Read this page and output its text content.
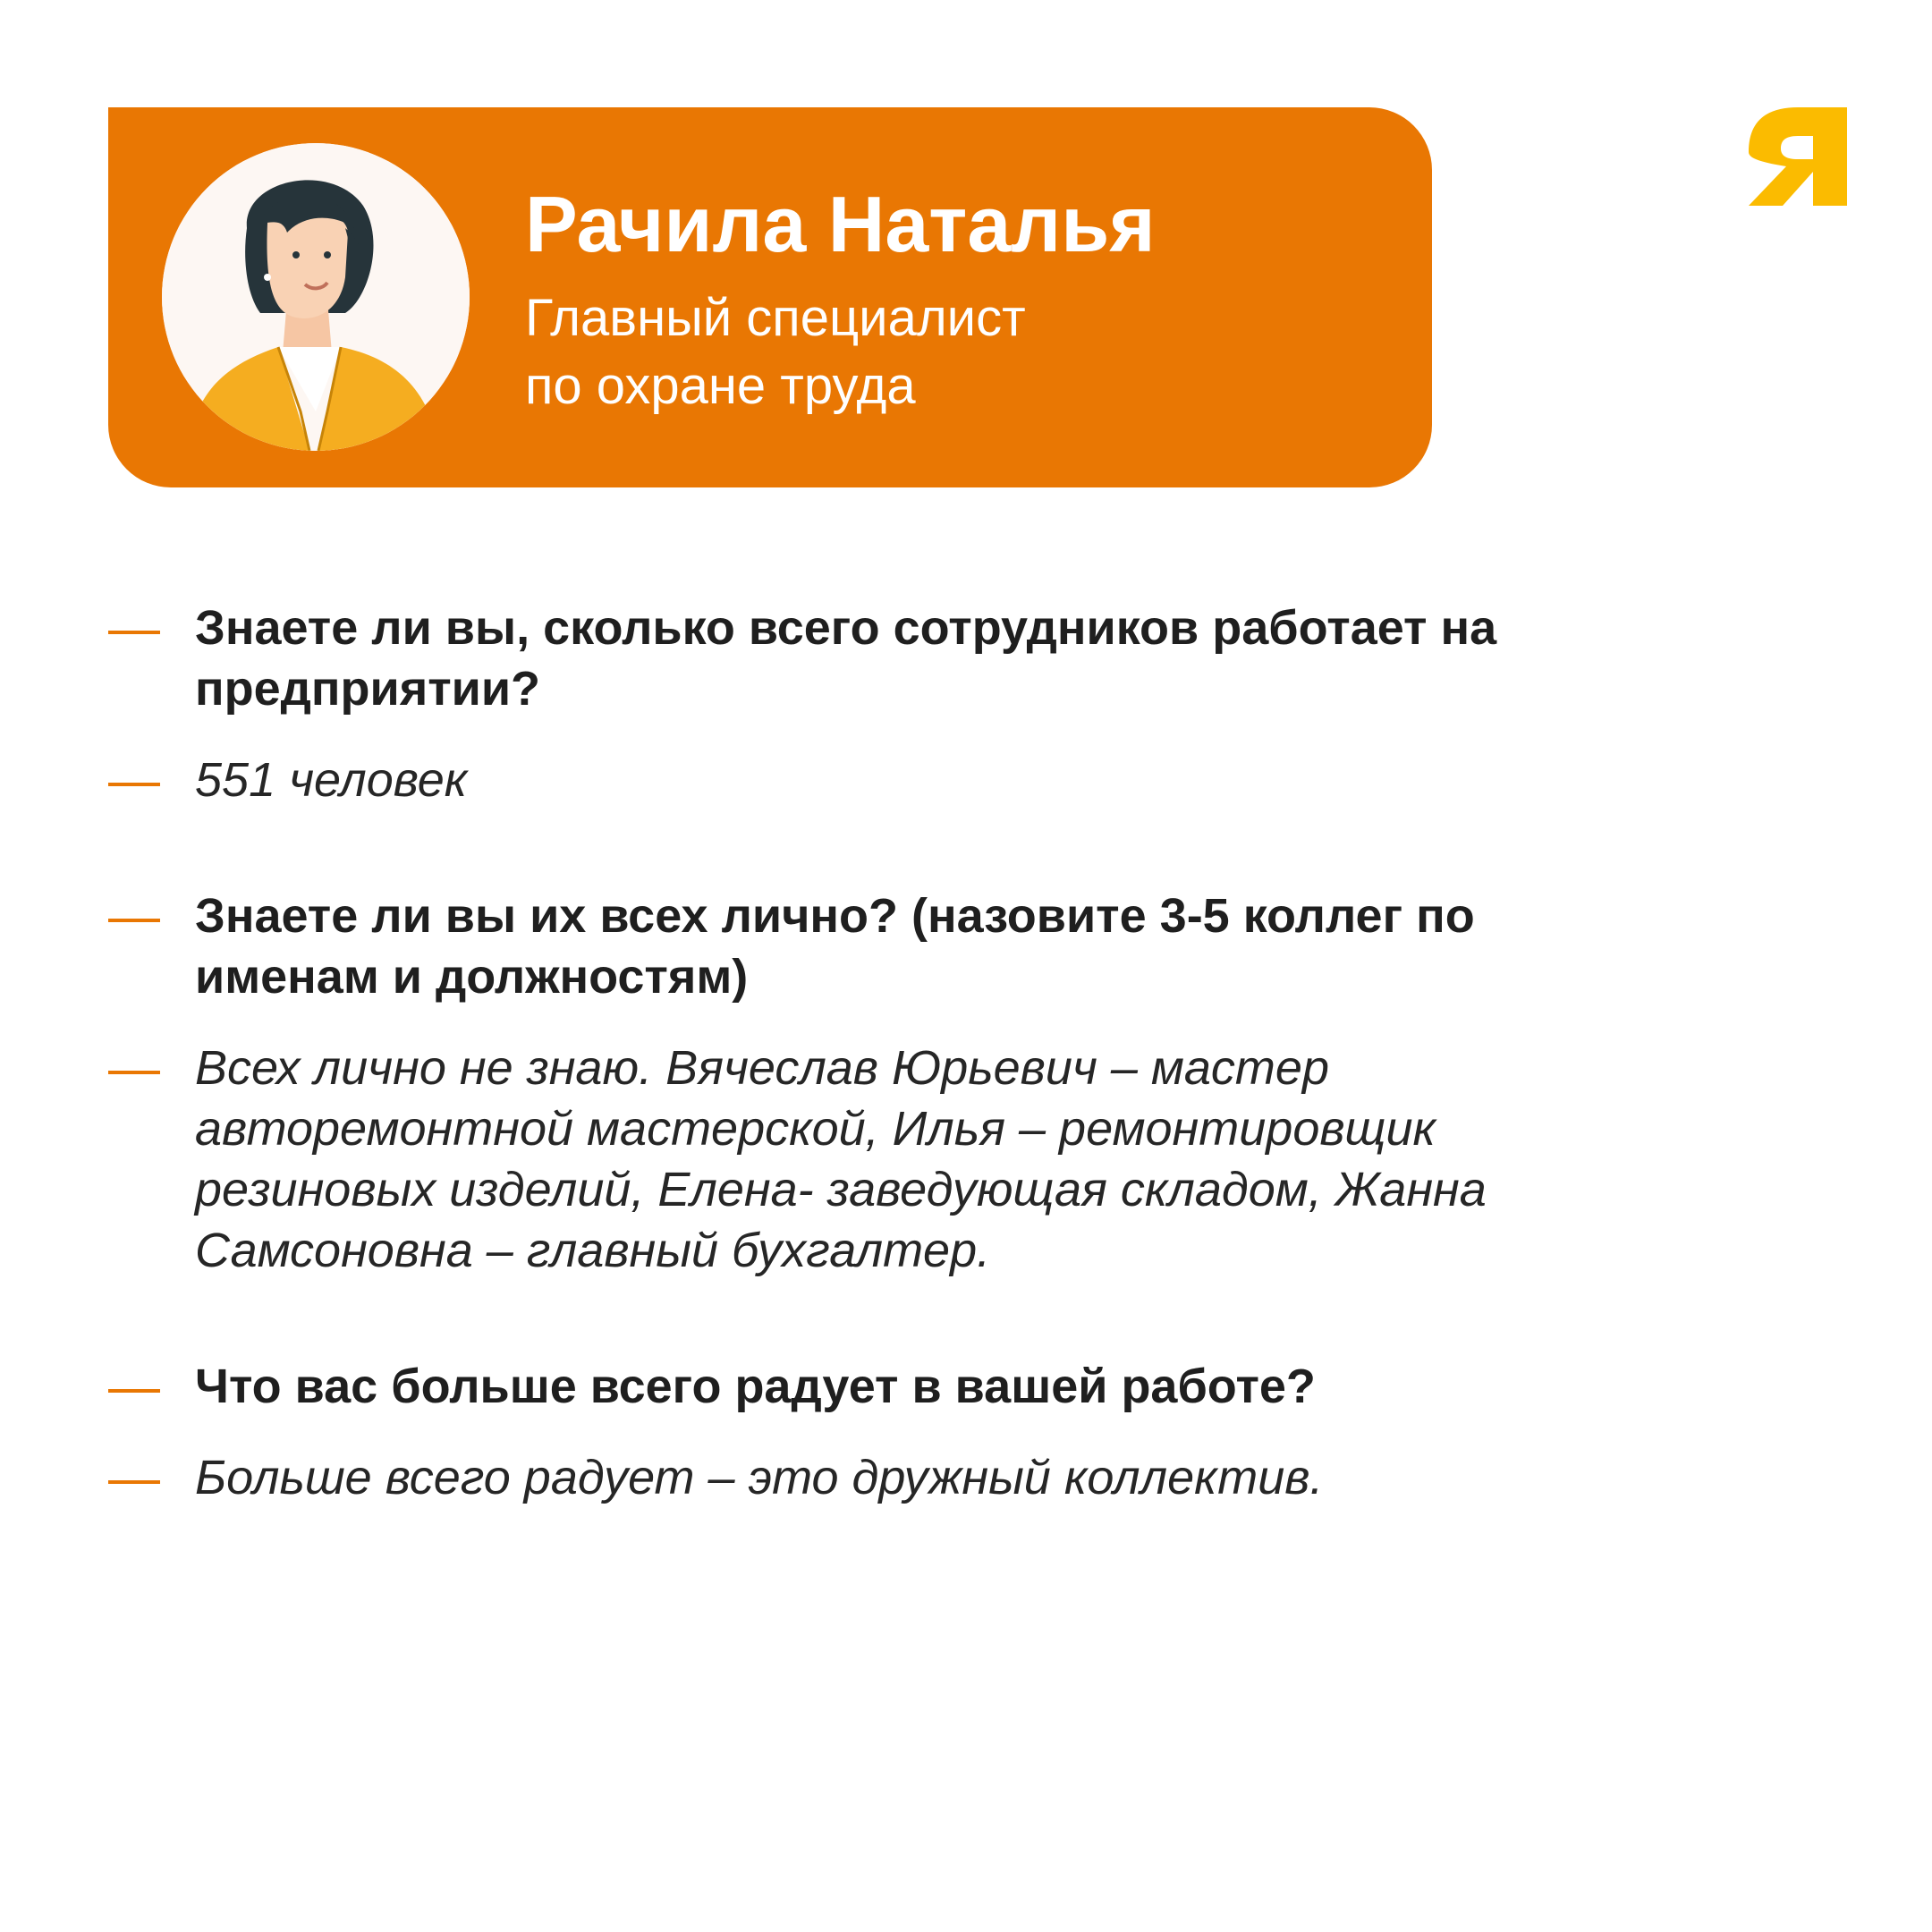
Рачила Наталья
Главный специалист
по охране труда
Знаете ли вы, сколько всего сотрудников работает на предприятии?
551 человек
Знаете ли вы их всех лично? (назовите 3-5 коллег по именам и должностям)
Всех лично не знаю. Вячеслав Юрьевич – мастер авторемонтной мастерской, Илья – ремонтировщик резиновых изделий, Елена- заведующая складом, Жанна Самсоновна – главный бухгалтер.
Что вас больше всего радует в вашей работе?
Больше всего радует – это дружный коллектив.
